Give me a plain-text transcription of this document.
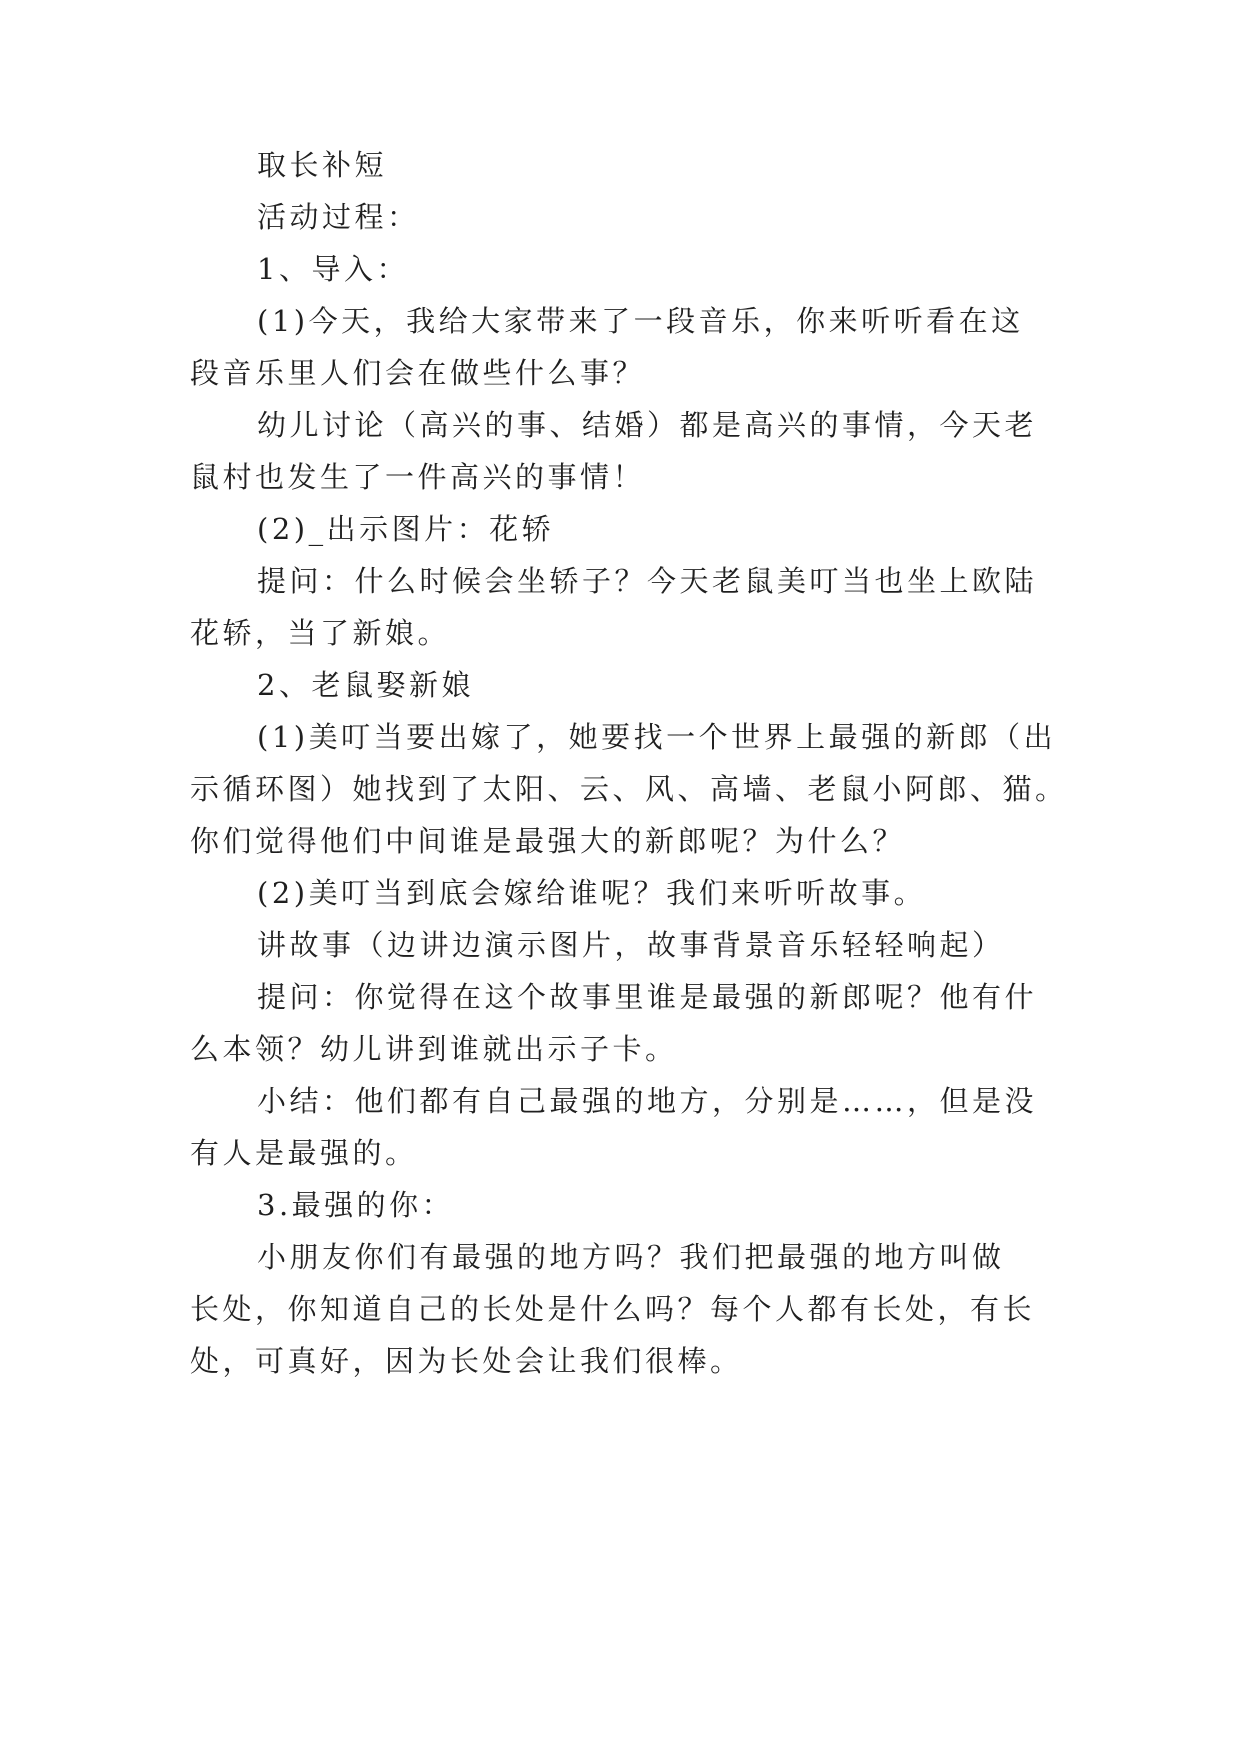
取长补短
活动过程：
1、导入：
(1)今天，我给大家带来了一段音乐，你来听听看在这
段音乐里人们会在做些什么事？
幼儿讨论（高兴的事、结婚）都是高兴的事情，今天老
鼠村也发生了一件高兴的事情！
(2)_出示图片：花轿
提问：什么时候会坐轿子？今天老鼠美叮当也坐上欧陆
花轿，当了新娘。
2、老鼠娶新娘
(1)美叮当要出嫁了，她要找一个世界上最强的新郎（出
示循环图）她找到了太阳、云、风、高墙、老鼠小阿郎、猫。
你们觉得他们中间谁是最强大的新郎呢？为什么？
(2)美叮当到底会嫁给谁呢？我们来听听故事。
讲故事（边讲边演示图片，故事背景音乐轻轻响起）
提问：你觉得在这个故事里谁是最强的新郎呢？他有什
么本领？幼儿讲到谁就出示子卡。
小结：他们都有自己最强的地方，分别是……，但是没
有人是最强的。
3.最强的你：
小朋友你们有最强的地方吗？我们把最强的地方叫做
长处，你知道自己的长处是什么吗？每个人都有长处，有长
处，可真好，因为长处会让我们很棒。
